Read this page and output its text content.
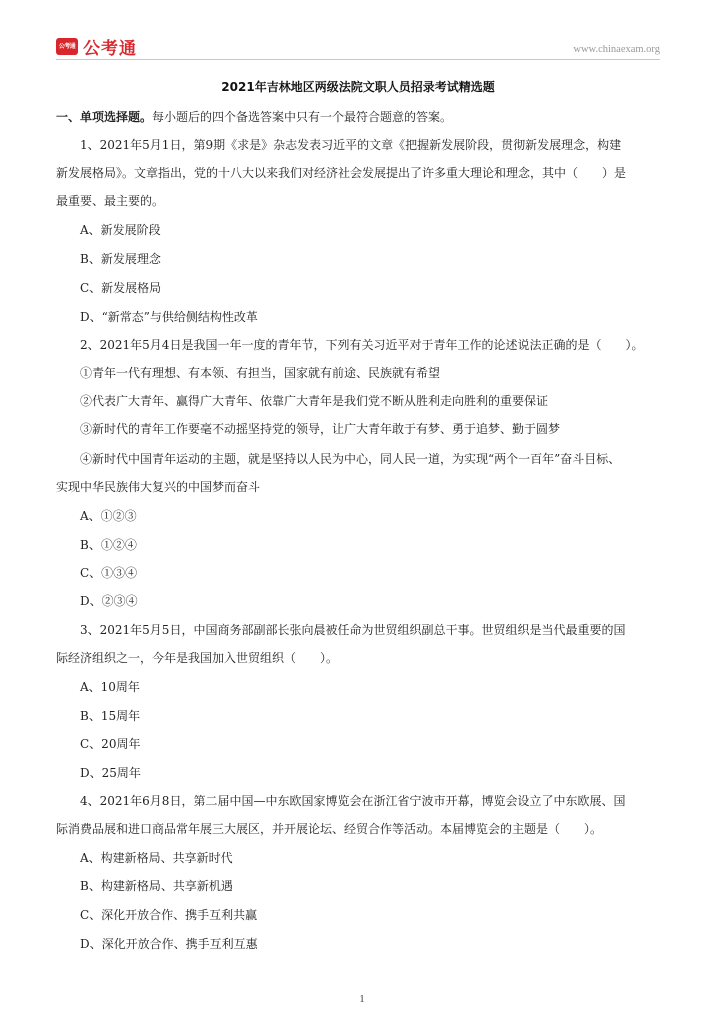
公考通 公考通	www.chinaexam.org
2021年吉林地区两级法院文职人员招录考试精选题
一、单项选择题。每小题后的四个备选答案中只有一个最符合题意的答案。
1、2021年5月1日，第9期《求是》杂志发表习近平的文章《把握新发展阶段，贯彻新发展理念，构建
新发展格局》。文章指出，党的十八大以来我们对经济社会发展提出了许多重大理论和理念，其中（　　）是
最重要、最主要的。
A、新发展阶段
B、新发展理念
C、新发展格局
D、“新常态”与供给侧结构性改革
2、2021年5月4日是我国一年一度的青年节，下列有关习近平对于青年工作的论述说法正确的是（　　）。
①青年一代有理想、有本领、有担当，国家就有前途、民族就有希望
②代表广大青年、赢得广大青年、依靠广大青年是我们党不断从胜利走向胜利的重要保证
③新时代的青年工作要毫不动摇坚持党的领导，让广大青年敢于有梦、勇于追梦、勤于圆梦
④新时代中国青年运动的主题，就是坚持以人民为中心，同人民一道，为实现“两个一百年”奋斗目标、
实现中华民族伟大复兴的中国梦而奋斗
A、①②③
B、①②④
C、①③④
D、②③④
3、2021年5月5日，中国商务部副部长张向晨被任命为世贸组织副总干事。世贸组织是当代最重要的国
际经济组织之一，今年是我国加入世贸组织（　　）。
A、10周年
B、15周年
C、20周年
D、25周年
4、2021年6月8日，第二届中国—中东欧国家博览会在浙江省宁波市开幕，博览会设立了中东欧展、国
际消费品展和进口商品常年展三大展区，并开展论坛、经贸合作等活动。本届博览会的主题是（　　）。
A、构建新格局、共享新时代
B、构建新格局、共享新机遇
C、深化开放合作、携手互利共赢
D、深化开放合作、携手互利互惠
1
